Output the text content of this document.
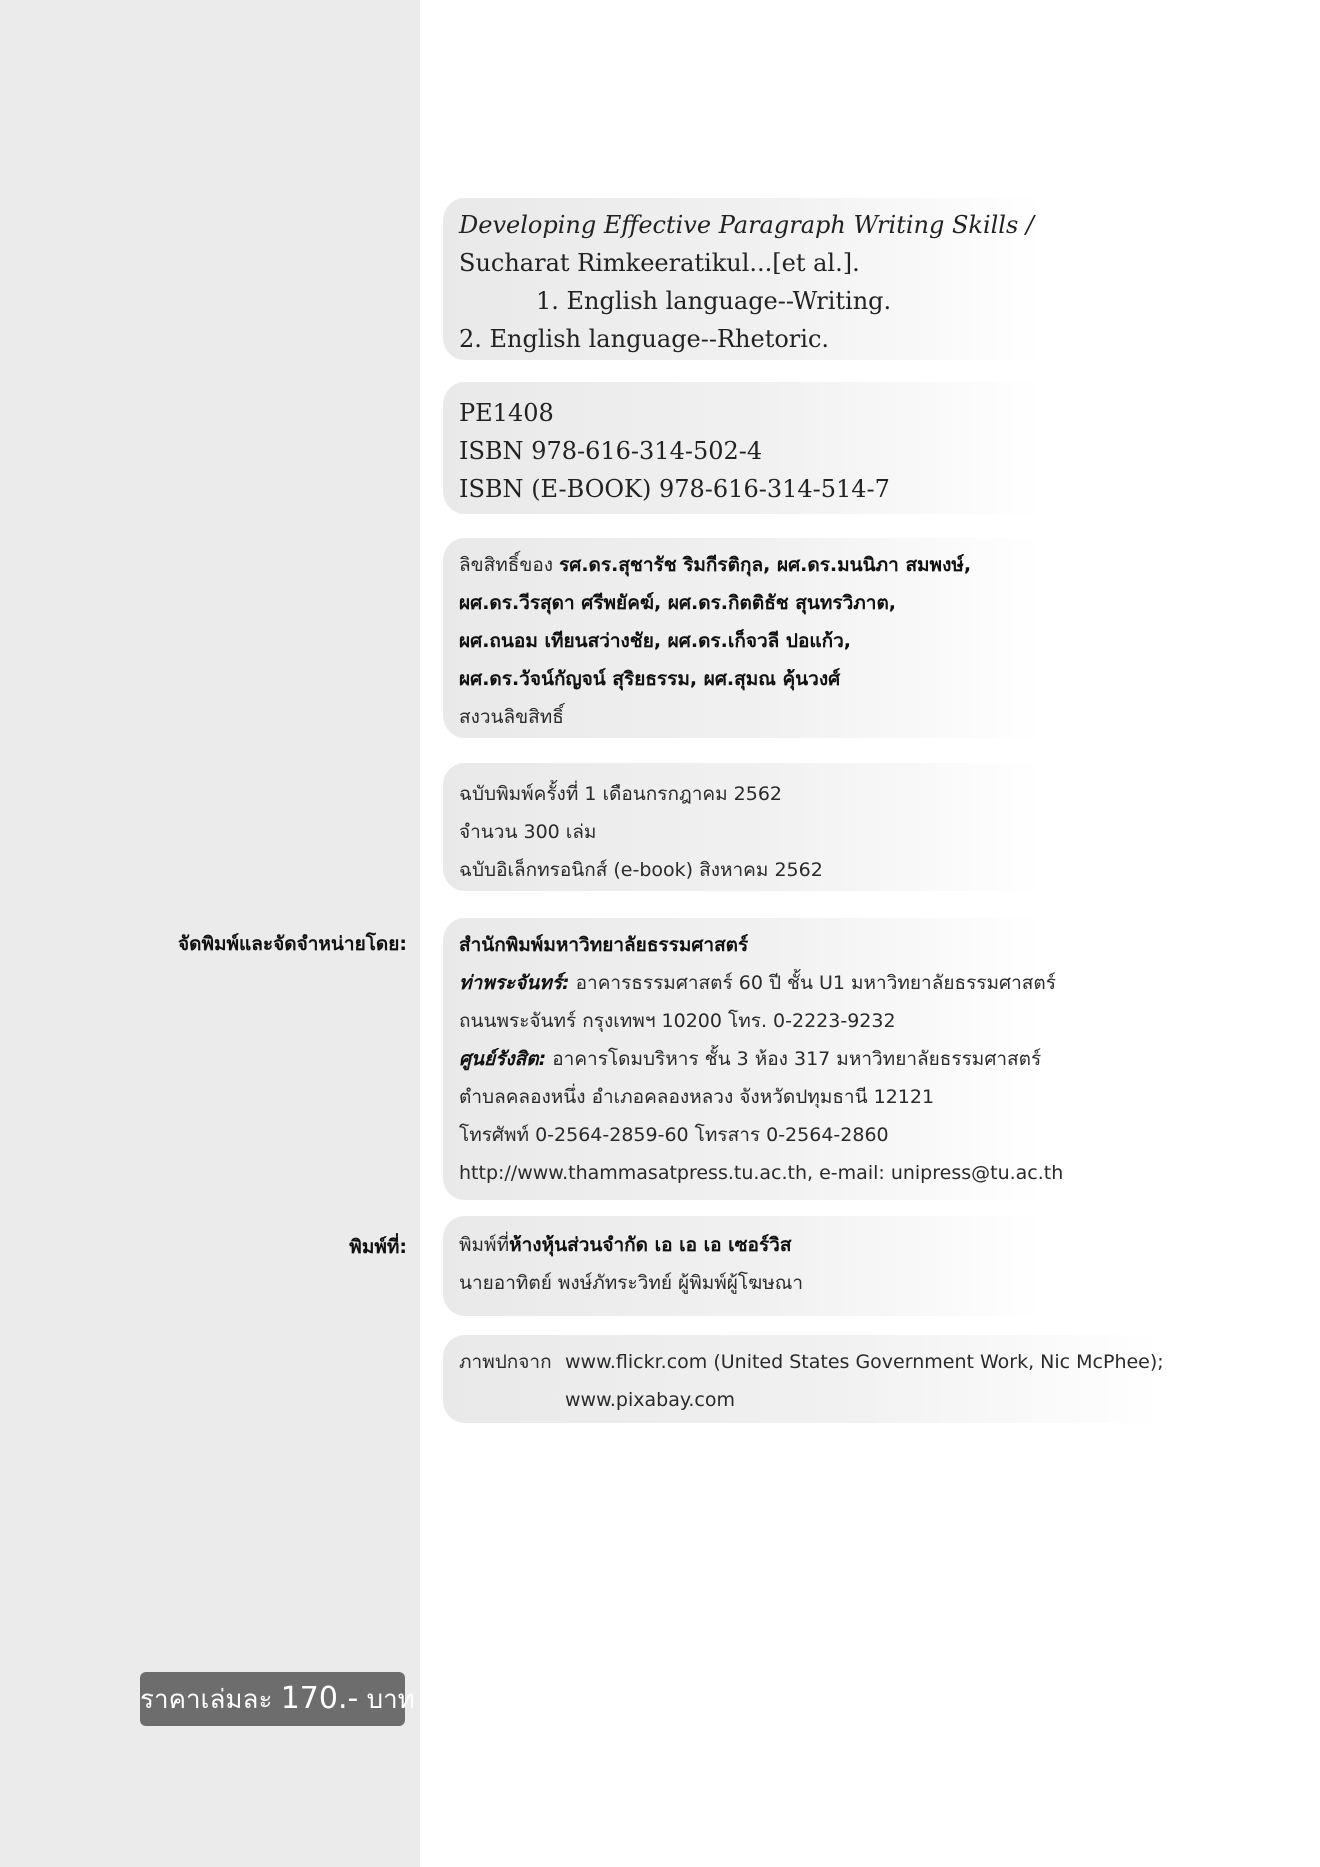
Developing Effective Paragraph Writing Skills /
Sucharat Rimkeeratikul...[et al.].
1. English language--Writing.
2. English language--Rhetoric.
PE1408
ISBN 978-616-314-502-4
ISBN (E-BOOK) 978-616-314-514-7
ลิขสิทธิ์ของ รศ.ดร.สุชารัช ริมกีรติกุล, ผศ.ดร.มนนิภา สมพงษ์,
ผศ.ดร.วีรสุดา ศรีพยัคฆ์, ผศ.ดร.กิตติธัช สุนทรวิภาต,
ผศ.ถนอม เทียนสว่างชัย, ผศ.ดร.เก็จวลี ปอแก้ว,
ผศ.ดร.วัจน์กัญจน์ สุริยธรรม, ผศ.สุมณ คุ้นวงศ์
สงวนลิขสิทธิ์
ฉบับพิมพ์ครั้งที่ 1 เดือนกรกฎาคม 2562
จำนวน 300 เล่ม
ฉบับอิเล็กทรอนิกส์ (e-book) สิงหาคม 2562
จัดพิมพ์และจัดจำหน่ายโดย:	สำนักพิมพ์มหาวิทยาลัยธรรมศาสตร์
ท่าพระจันทร์: อาคารธรรมศาสตร์ 60 ปี ชั้น U1 มหาวิทยาลัยธรรมศาสตร์
ถนนพระจันทร์ กรุงเทพฯ 10200 โทร. 0-2223-9232
ศูนย์รังสิต: อาคารโดมบริหาร ชั้น 3 ห้อง 317 มหาวิทยาลัยธรรมศาสตร์
ตำบลคลองหนึ่ง อำเภอคลองหลวง จังหวัดปทุมธานี 12121
โทรศัพท์ 0-2564-2859-60 โทรสาร 0-2564-2860
http://www.thammasatpress.tu.ac.th, e-mail: unipress@tu.ac.th
พิมพ์ที่:	พิมพ์ที่ห้างหุ้นส่วนจำกัด เอ เอ เอ เซอร์วิส
นายอาทิตย์ พงษ์ภัทระวิทย์ ผู้พิมพ์ผู้โฆษณา
ภาพปกจาก www.flickr.com (United States Government Work, Nic McPhee);
www.pixabay.com
ราคาเล่มละ 170.- บาท
